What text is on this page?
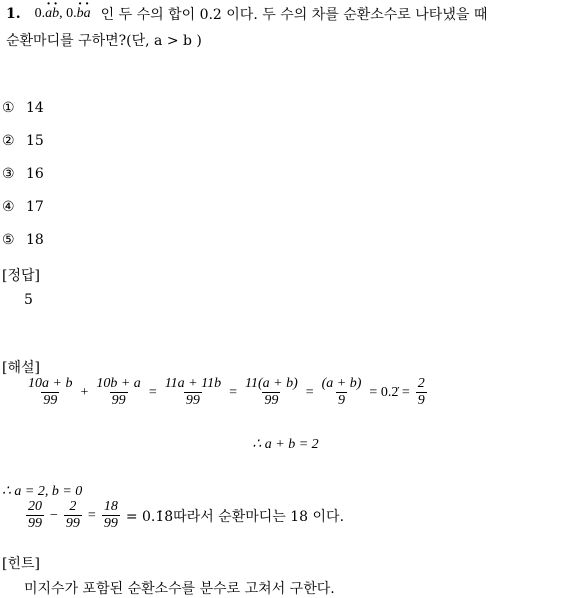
1. 0.· a· b, 0.· b· a 인 두 수의 합이 0.2 이다. 두 수의 차를 순환소수로 나타냈을 때
순환마디를 구하면?(단, a > b )
① 14
② 15
③ 16
④ 17
⑤ 18
[정답]
5
[해설]
$\frac{10a + b}{99} + \frac{10b + a}{99} = \frac{11a + 11b}{99} = \frac{11(a + b)}{99} = \frac{(a + b)}{9}$ = 0.2̇ = $\frac{2}{9}$
∴ a + b = 2
∴ a = 2, b = 0
$\frac{20}{99} - \frac{2}{99} = \frac{18}{99}$ = 0.1̇8̇따라서 순환마디는 18 이다.
[힌트]
미지수가 포함된 순환소수를 분수로 고쳐서 구한다.
